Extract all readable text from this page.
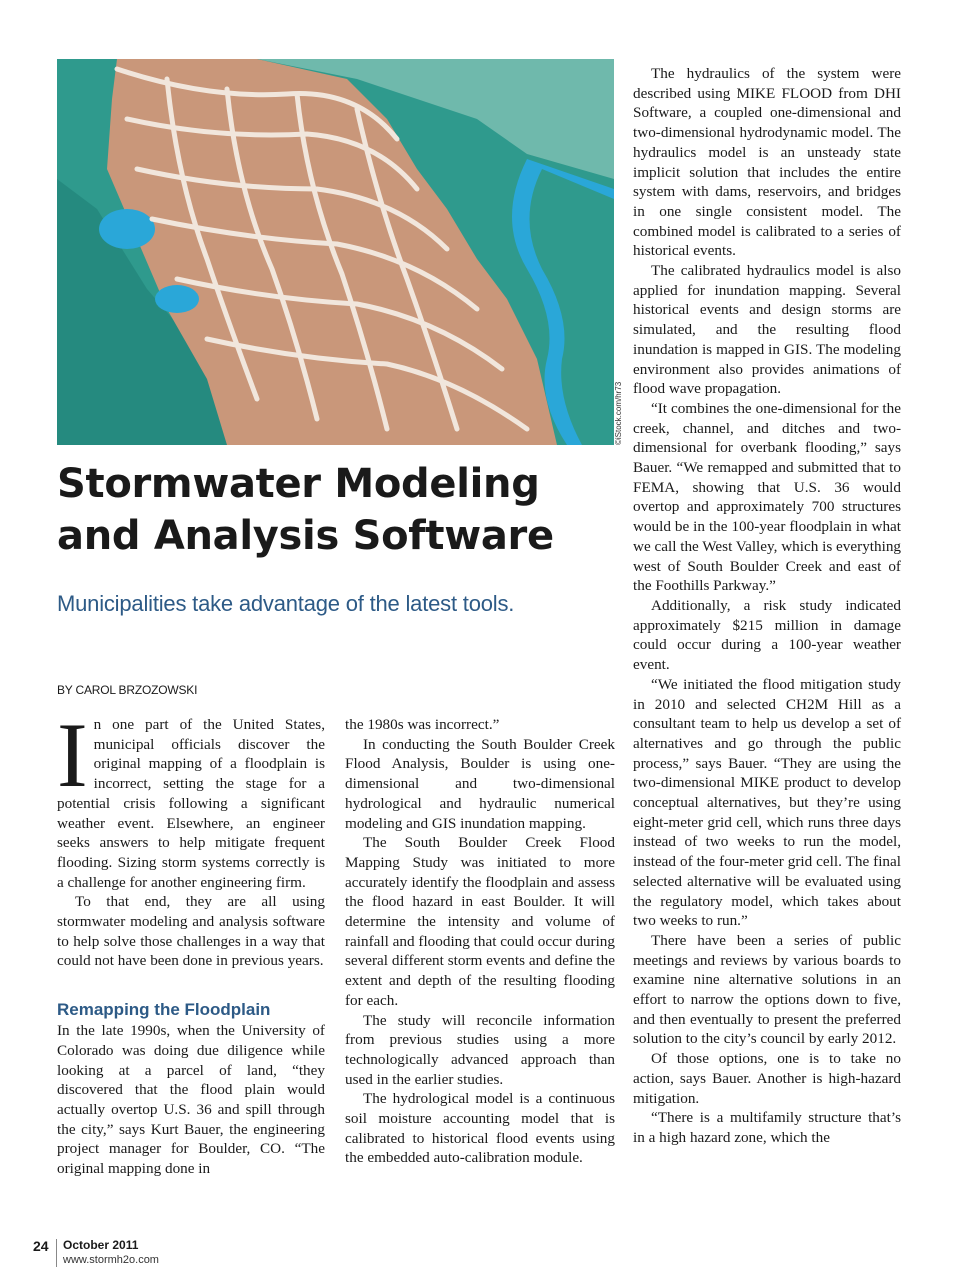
©iStock.com/hr73
Stormwater Modeling and Analysis Software

Municipalities take advantage of the latest tools.

BY CAROL BRZOZOWSKI

In one part of the United States, municipal officials discover the original mapping of a floodplain is incorrect, setting the stage for a potential crisis following a significant weather event. Elsewhere, an engineer seeks answers to help mitigate frequent flooding. Sizing storm systems correctly is a challenge for another engineering firm.

To that end, they are all using stormwater modeling and analysis software to help solve those challenges in a way that could not have been done in previous years.

Remapping the Floodplain

In the late 1990s, when the University of Colorado was doing due diligence while looking at a parcel of land, “they discovered that the flood plain would actually overtop U.S. 36 and spill through the city,” says Kurt Bauer, the engineering project manager for Boulder, CO. “The original mapping done in

the 1980s was incorrect.”

In conducting the South Boulder Creek Flood Analysis, Boulder is using one-dimensional and two-dimensional hydrological and hydraulic numerical modeling and GIS inundation mapping.

The South Boulder Creek Flood Mapping Study was initiated to more accurately identify the floodplain and assess the flood hazard in east Boulder. It will determine the intensity and volume of rainfall and flooding that could occur during several different storm events and define the extent and depth of the resulting flooding for each.

The study will reconcile information from previous studies using a more technologically advanced approach than used in the earlier studies.

The hydrological model is a continuous soil moisture accounting model that is calibrated to historical flood events using the embedded auto-calibration module.

The hydraulics of the system were described using MIKE FLOOD from DHI Software, a coupled one-dimensional and two-dimensional hydrodynamic model. The hydraulics model is an unsteady state implicit solution that includes the entire system with dams, reservoirs, and bridges in one single consistent model. The combined model is calibrated to a series of historical events.

The calibrated hydraulics model is also applied for inundation mapping. Several historical events and design storms are simulated, and the resulting flood inundation is mapped in GIS. The modeling environment also provides animations of flood wave propagation.

“It combines the one-dimensional for the creek, channel, and ditches and two-dimensional for overbank flooding,” says Bauer. “We remapped and submitted that to FEMA, showing that U.S. 36 would overtop and approximately 700 structures would be in the 100-year floodplain in what we call the West Valley, which is everything west of South Boulder Creek and east of the Foothills Parkway.”

Additionally, a risk study indicated approximately $215 million in damage could occur during a 100-year weather event.

“We initiated the flood mitigation study in 2010 and selected CH2M Hill as a consultant team to help us develop a set of alternatives and go through the public process,” says Bauer. “They are using the two-dimensional MIKE product to develop conceptual alternatives, but they’re using eight-meter grid cell, which runs three days instead of two weeks to run the model, instead of the four-meter grid cell. The final selected alternative will be evaluated using the regulatory model, which takes about two weeks to run.”

There have been a series of public meetings and reviews by various boards to examine nine alternative solutions in an effort to narrow the options down to five, and then eventually to present the preferred solution to the city’s council by early 2012.

Of those options, one is to take no action, says Bauer. Another is high-hazard mitigation.

“There is a multifamily structure that’s in a high hazard zone, which the

24 October 2011
www.stormh2o.com
